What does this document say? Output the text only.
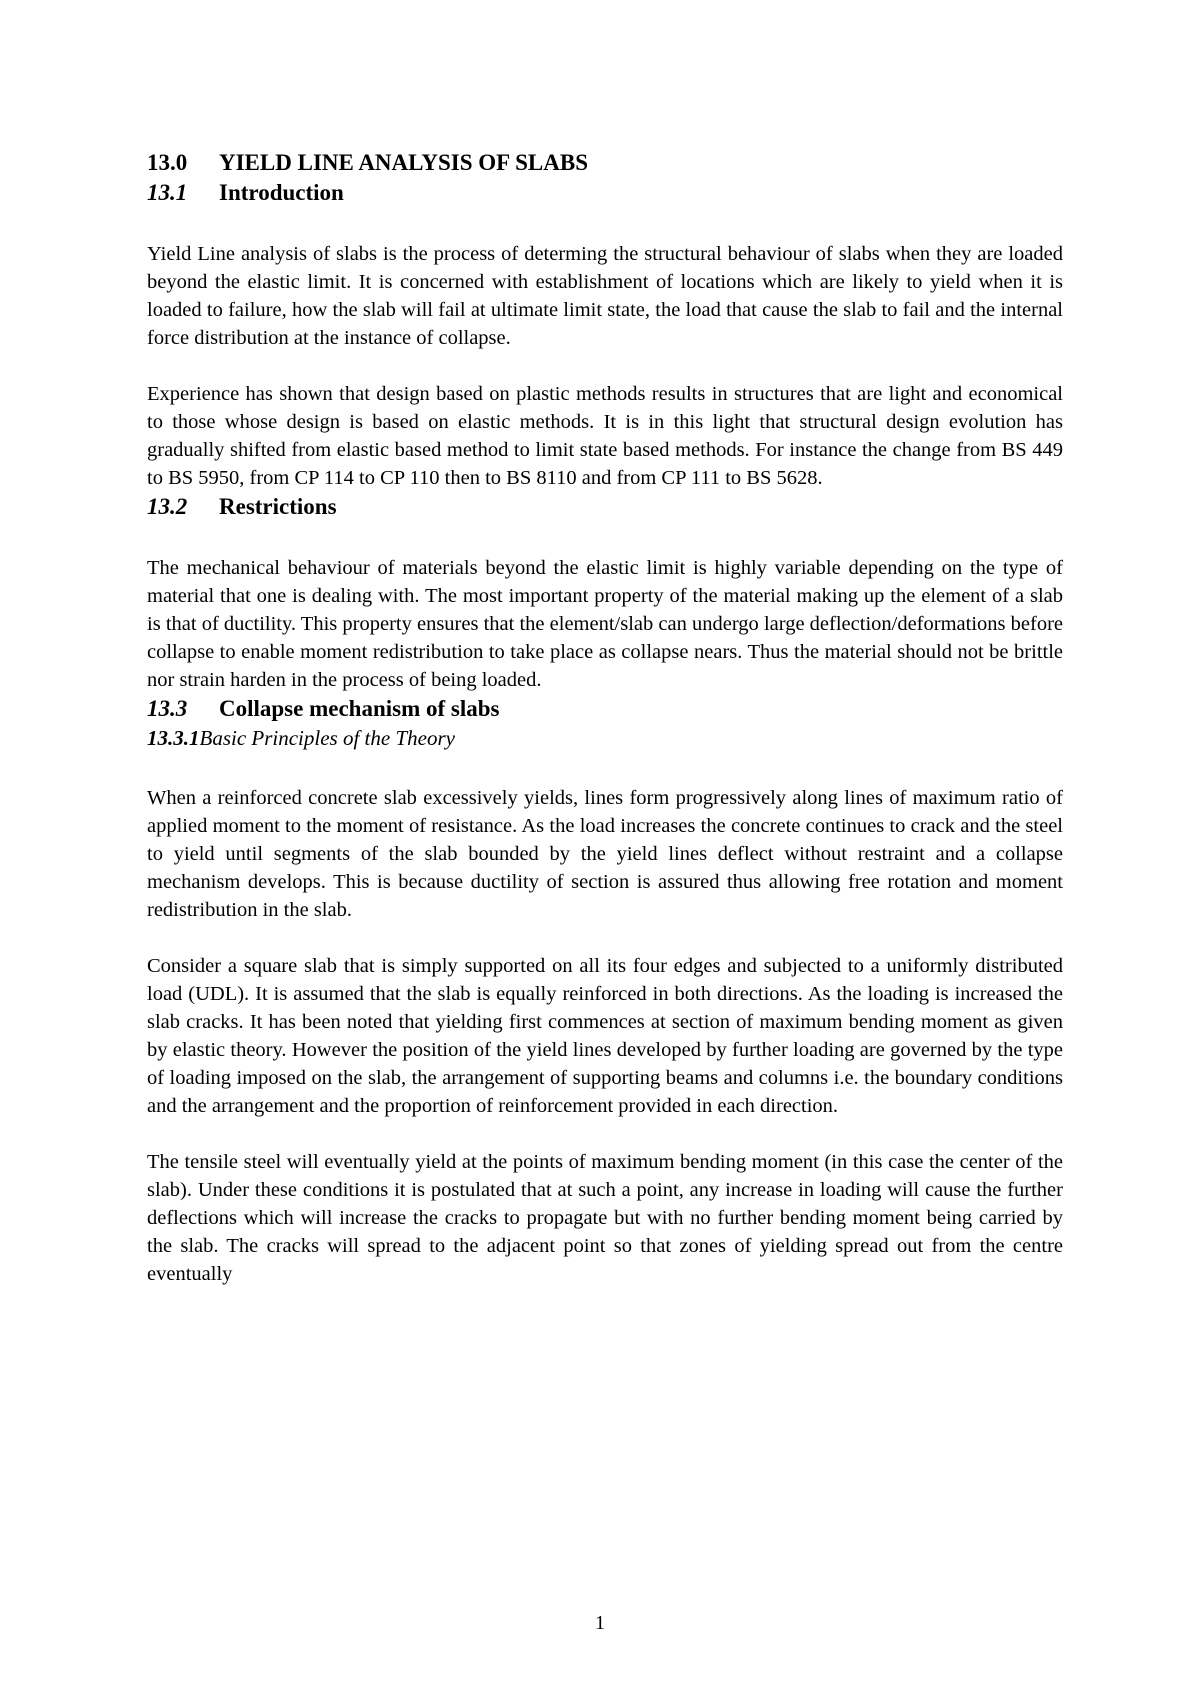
13.0 YIELD LINE ANALYSIS OF SLABS
13.1 Introduction

Yield Line analysis of slabs is the process of determing the structural behaviour of slabs when they are loaded beyond the elastic limit. It is concerned with establishment of locations which are likely to yield when it is loaded to failure, how the slab will fail at ultimate limit state, the load that cause the slab to fail and the internal force distribution at the instance of collapse.

Experience has shown that design based on plastic methods results in structures that are light and economical to those whose design is based on elastic methods. It is in this light that structural design evolution has gradually shifted from elastic based method to limit state based methods. For instance the change from BS 449 to BS 5950, from CP 114 to CP 110 then to BS 8110 and from CP 111 to BS 5628.

13.2 Restrictions

The mechanical behaviour of materials beyond the elastic limit is highly variable depending on the type of material that one is dealing with. The most important property of the material making up the element of a slab is that of ductility. This property ensures that the element/slab can undergo large deflection/deformations before collapse to enable moment redistribution to take place as collapse nears. Thus the material should not be brittle nor strain harden in the process of being loaded.

13.3 Collapse mechanism of slabs
13.3.1Basic Principles of the Theory

When a reinforced concrete slab excessively yields, lines form progressively along lines of maximum ratio of applied moment to the moment of resistance. As the load increases the concrete continues to crack and the steel to yield until segments of the slab bounded by the yield lines deflect without restraint and a collapse mechanism develops. This is because ductility of section is assured thus allowing free rotation and moment redistribution in the slab.

Consider a square slab that is simply supported on all its four edges and subjected to a uniformly distributed load (UDL). It is assumed that the slab is equally reinforced in both directions. As the loading is increased the slab cracks. It has been noted that yielding first commences at section of maximum bending moment as given by elastic theory. However the position of the yield lines developed by further loading are governed by the type of loading imposed on the slab, the arrangement of supporting beams and columns i.e. the boundary conditions and the arrangement and the proportion of reinforcement provided in each direction.

The tensile steel will eventually yield at the points of maximum bending moment (in this case the center of the slab). Under these conditions it is postulated that at such a point, any increase in loading will cause the further deflections which will increase the cracks to propagate but with no further bending moment being carried by the slab. The cracks will spread to the adjacent point so that zones of yielding spread out from the centre eventually

1
